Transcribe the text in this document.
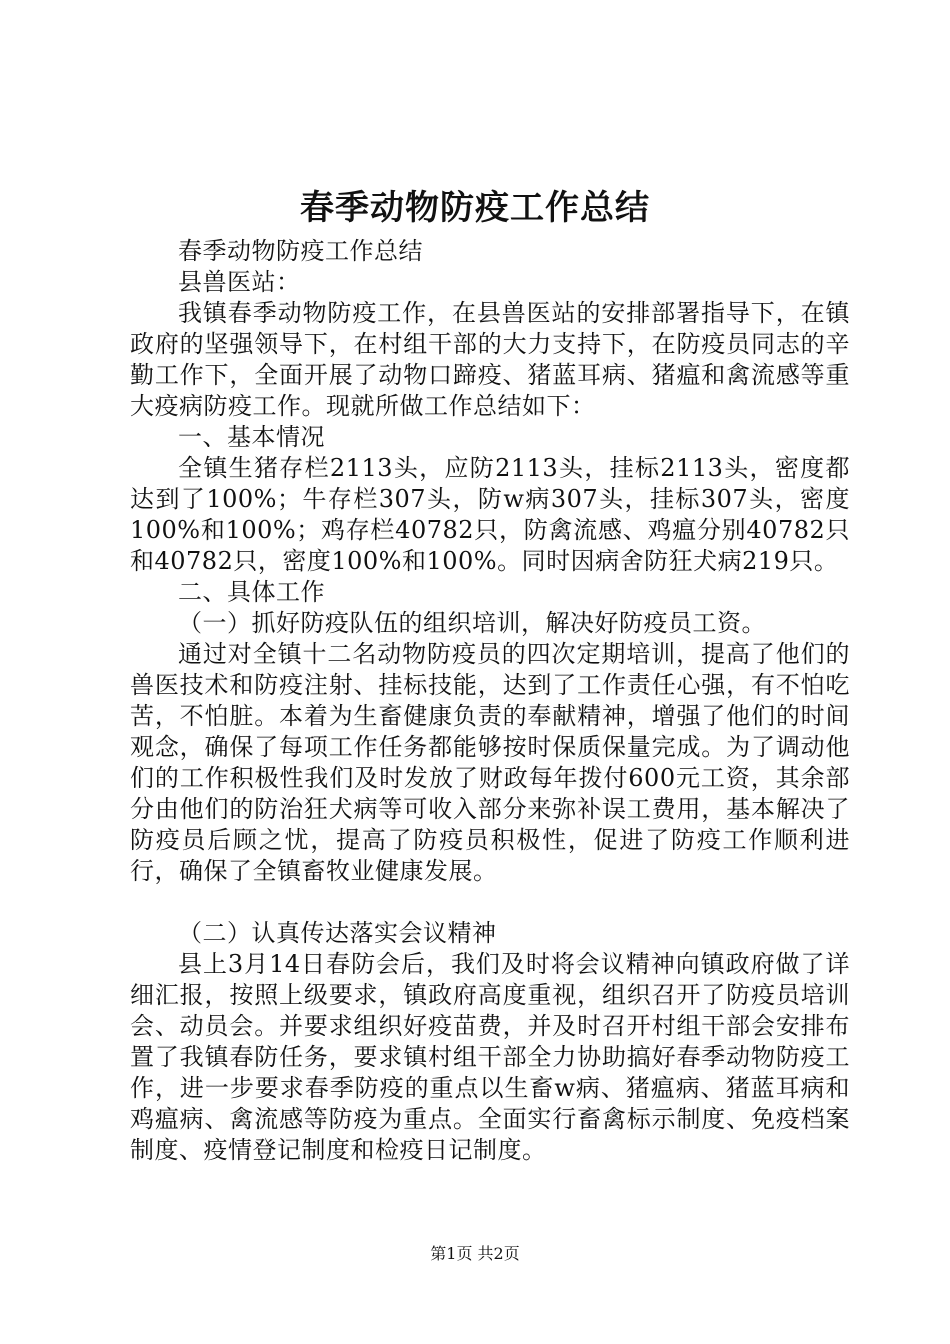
春季动物防疫工作总结

春季动物防疫工作总结

县兽医站：

我镇春季动物防疫工作，在县兽医站的安排部署指导下，在镇政府的坚强领导下，在村组干部的大力支持下，在防疫员同志的辛勤工作下，全面开展了动物口蹄疫、猪蓝耳病、猪瘟和禽流感等重大疫病防疫工作。现就所做工作总结如下：

一、基本情况

全镇生猪存栏2113头，应防2113头，挂标2113头，密度都达到了100%；牛存栏307头，防w病307头，挂标307头，密度100%和100%；鸡存栏40782只，防禽流感、鸡瘟分别40782只和40782只，密度100%和100%。同时因病舍防狂犬病219只。

二、具体工作

（一）抓好防疫队伍的组织培训，解决好防疫员工资。

通过对全镇十二名动物防疫员的四次定期培训，提高了他们的兽医技术和防疫注射、挂标技能，达到了工作责任心强，有不怕吃苦，不怕脏。本着为生畜健康负责的奉献精神，增强了他们的时间观念，确保了每项工作任务都能够按时保质保量完成。为了调动他们的工作积极性我们及时发放了财政每年拨付600元工资，其余部分由他们的防治狂犬病等可收入部分来弥补误工费用，基本解决了防疫员后顾之忧，提高了防疫员积极性，促进了防疫工作顺利进行，确保了全镇畜牧业健康发展。

（二）认真传达落实会议精神

县上3月14日春防会后，我们及时将会议精神向镇政府做了详细汇报，按照上级要求，镇政府高度重视，组织召开了防疫员培训会、动员会。并要求组织好疫苗费，并及时召开村组干部会安排布置了我镇春防任务，要求镇村组干部全力协助搞好春季动物防疫工作，进一步要求春季防疫的重点以生畜w病、猪瘟病、猪蓝耳病和鸡瘟病、禽流感等防疫为重点。全面实行畜禽标示制度、免疫档案制度、疫情登记制度和检疫日记制度。

第1页 共2页
